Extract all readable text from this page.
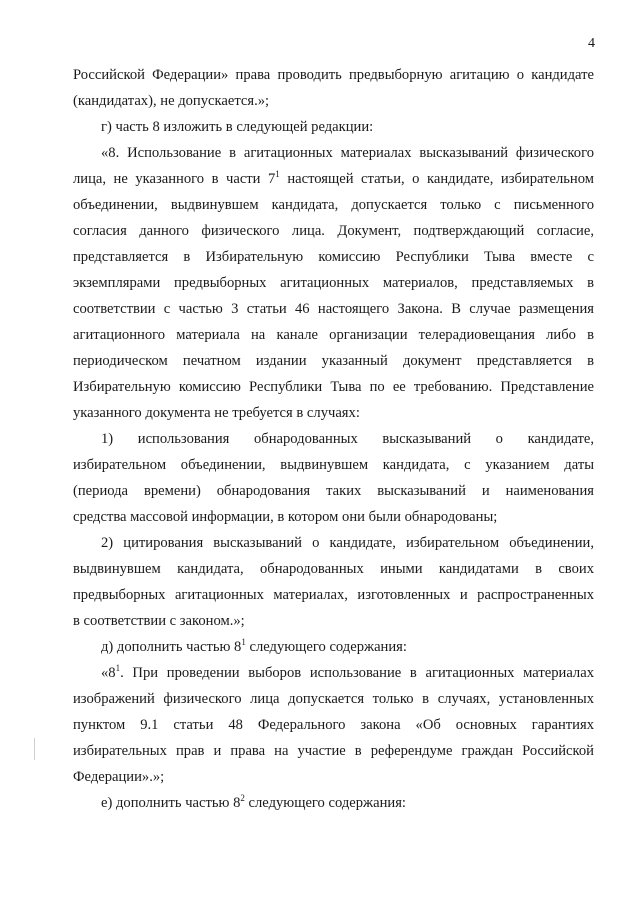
4
Российской Федерации» права проводить предвыборную агитацию о кандидате
(кандидатах), не допускается.»;
г) часть 8 изложить в следующей редакции:
«8. Использование в агитационных материалах высказываний физического
лица, не указанного в части $7^1$ настоящей статьи, о кандидате, избирательном
объединении, выдвинувшем кандидата, допускается только с письменного
согласия данного физического лица. Документ, подтверждающий согласие,
представляется в Избирательную комиссию Республики Тыва вместе с
экземплярами предвыборных агитационных материалов, представляемых в
соответствии с частью 3 статьи 46 настоящего Закона. В случае размещения
агитационного материала на канале организации телерадиовещания либо в
периодическом печатном издании указанный документ представляется в
Избирательную комиссию Республики Тыва по ее требованию. Представление
указанного документа не требуется в случаях:
1) использования обнародованных высказываний о кандидате,
избирательном объединении, выдвинувшем кандидата, с указанием даты
(периода времени) обнародования таких высказываний и наименования
средства массовой информации, в котором они были обнародованы;
2) цитирования высказываний о кандидате, избирательном объединении,
выдвинувшем кандидата, обнародованных иными кандидатами в своих
предвыборных агитационных материалах, изготовленных и распространенных
в соответствии с законом.»;
д) дополнить частью $8^1$ следующего содержания:
«$8^1$. При проведении выборов использование в агитационных материалах
изображений физического лица допускается только в случаях, установленных
пунктом 9.1 статьи 48 Федерального закона «Об основных гарантиях
избирательных прав и права на участие в референдуме граждан Российской
Федерации».»;
е) дополнить частью $8^2$ следующего содержания:
